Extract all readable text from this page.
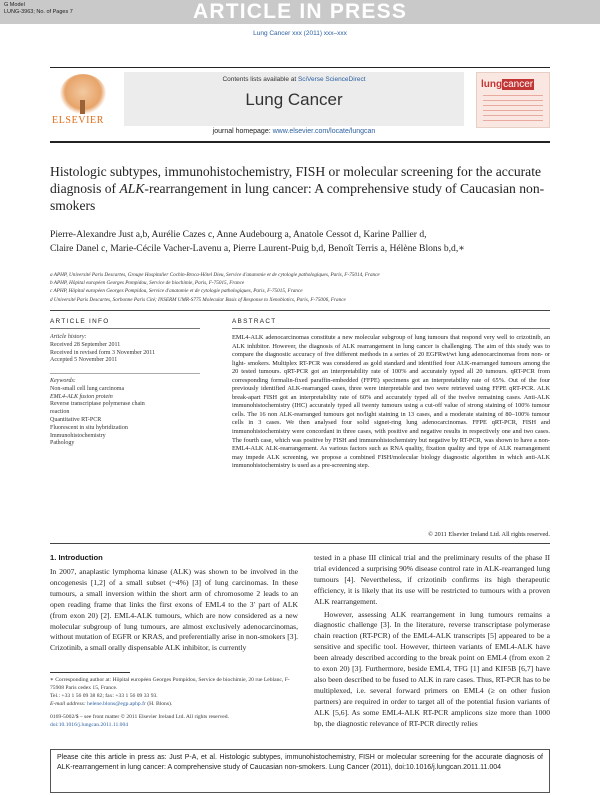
G Model
LUNG-3963; No. of Pages 7	ARTICLE IN PRESS
Lung Cancer xxx (2011) xxx–xxx
ELSEVIER
Contents lists available at SciVerse ScienceDirect
Lung Cancer
lungcancer
journal homepage: www.elsevier.com/locate/lungcan
Histologic subtypes, immunohistochemistry, FISH or molecular screening for the accurate diagnosis of ALK-rearrangement in lung cancer: A comprehensive study of Caucasian non-smokers
Pierre-Alexandre Just a,b, Aurélie Cazes c, Anne Audebourg a, Anatole Cessot d, Karine Pallier d,
Claire Danel c, Marie-Cécile Vacher-Lavenu a, Pierre Laurent-Puig b,d, Benoît Terris a, Hélène Blons b,d,∗
a APHP, Université Paris Descartes, Groupe Hospitalier Cochin-Broca-Hôtel Dieu, Service d'anatomie et de cytologie pathologiques, Paris, F-75014, France
b APHP, Hôpital européen Georges Pompidou, Service de biochimie, Paris, F-75015, France
c APHP, Hôpital européen Georges Pompidou, Service d'anatomie et de cytologie pathologiques, Paris, F-75015, France
d Université Paris Descartes, Sorbonne Paris Cité; INSERM UMR-S775 Molecular Basis of Response to Xenobiotics, Paris, F-75006, France
ARTICLE INFO
Article history:
Received 28 September 2011
Received in revised form 3 November 2011
Accepted 5 November 2011
Keywords:
Non-small cell lung carcinoma
EML4-ALK fusion protein
Reverse transcriptase polymerase chain
reaction
Quantitative RT-PCR
Fluorescent in situ hybridization
Immunohistochemistry
Pathology
ABSTRACT
EML4-ALK adenocarcinomas constitute a new molecular subgroup of lung tumours that respond very well to crizotinib, an ALK inhibitor. However, the diagnosis of ALK rearrangement in lung cancer is challenging. The aim of this study was to compare the diagnostic accuracy of five different methods in a series of 20 EGFRwt/wt lung adenocarcinomas from non- or light- smokers. Multiplex RT-PCR was considered as gold standard and identified four ALK-rearranged tumours among the 20 tested tumours. qRT-PCR got an interpretability rate of 100% and accurately typed all 20 tumours. qRT-PCR from corresponding formalin-fixed paraffin-embedded (FFPE) specimens got an interpretability rate of 65%. Out of the four previously identified ALK-rearranged cases, three were interpretable and two were retrieved using FFPE qRT-PCR. ALK break-apart FISH got an interpretability rate of 60% and accurately typed all of the twelve remaining cases. Anti-ALK immunohistochemistry (IHC) accurately typed all twenty tumours using a cut-off value of strong staining of 100% tumour cells. The 16 non ALK-rearranged tumours got no/light staining in 13 cases, and a moderate staining of 80–100% tumour cells in 3 cases. We then analysed four solid signet-ring lung adenocarcinomas. FFPE qRT-PCR, FISH and immunohistochemistry were concordant in three cases, with positive and negative results in respectively one and two cases. The fourth case, which was positive by FISH and immunohistochemistry but negative by RT-PCR, was shown to have a non-EML4-ALK ALK-rearrangement. As various factors such as RNA quality, fixation quality and type of ALK rearrangement may impede ALK screening, we propose a combined FISH/molecular biology diagnostic algorithm in which anti-ALK immunohistochemistry is used as a pre-screening step.
© 2011 Elsevier Ireland Ltd. All rights reserved.
1. Introduction
In 2007, anaplastic lymphoma kinase (ALK) was shown to be involved in the oncogenesis [1,2] of a small subset (~4%) [3] of lung carcinomas. In these tumours, a small inversion within the short arm of chromosome 2 leads to an open reading frame that links the first exons of EML4 to the 3′ part of ALK (from exon 20) [2]. EML4-ALK tumours, which are now considered as a new molecular subgroup of lung tumours, are almost exclusively adenocarcinomas, without mutation of EGFR or KRAS, and preferentially arise in non-smokers [3]. Crizotinib, a small orally dispensable ALK inhibitor, is currently
∗ Corresponding author at: Hôpital européen Georges Pompidou, Service de biochimie, 20 rue Leblanc, F-75908 Paris cedex 15, France.
Tel.: +33 1 56 09 38 82; fax: +33 1 56 09 33 93.
E-mail address: helene.blons@egp.aphp.fr (H. Blons).
0169-5002/$ – see front matter © 2011 Elsevier Ireland Ltd. All rights reserved.
doi:10.1016/j.lungcan.2011.11.004
tested in a phase III clinical trial and the preliminary results of the phase II trial evidenced a surprising 90% disease control rate in ALK-rearranged lung tumours [4]. Nevertheless, if crizotinib confirms its high therapeutic efficiency, it is likely that its use will be restricted to tumours with a proven ALK rearrangement.
However, assessing ALK rearrangement in lung tumours remains a diagnostic challenge [3]. In the literature, reverse transcriptase polymerase chain reaction (RT-PCR) of the EML4-ALK transcripts [5] appeared to be a sensitive and specific tool. However, thirteen variants of EML4-ALK have been already described according to the break point on EML4 (from exon 2 to exon 20) [3]. Furthermore, beside EML4, TFG [1] and KIF5B [6,7] have also been described to be fused to ALK in rare cases. Thus, RT-PCR has to be multiplexed, i.e. several forward primers on EML4 (≥ on other fusion partners) are required in order to target all of the potential fusion variants of ALK [5,6]. As some EML4-ALK RT-PCR amplicons size more than 1000 bp, the diagnostic relevance of RT-PCR directly relies
Please cite this article in press as: Just P-A, et al. Histologic subtypes, immunohistochemistry, FISH or molecular screening for the accurate diagnosis of ALK-rearrangement in lung cancer: A comprehensive study of Caucasian non-smokers. Lung Cancer (2011), doi:10.1016/j.lungcan.2011.11.004
